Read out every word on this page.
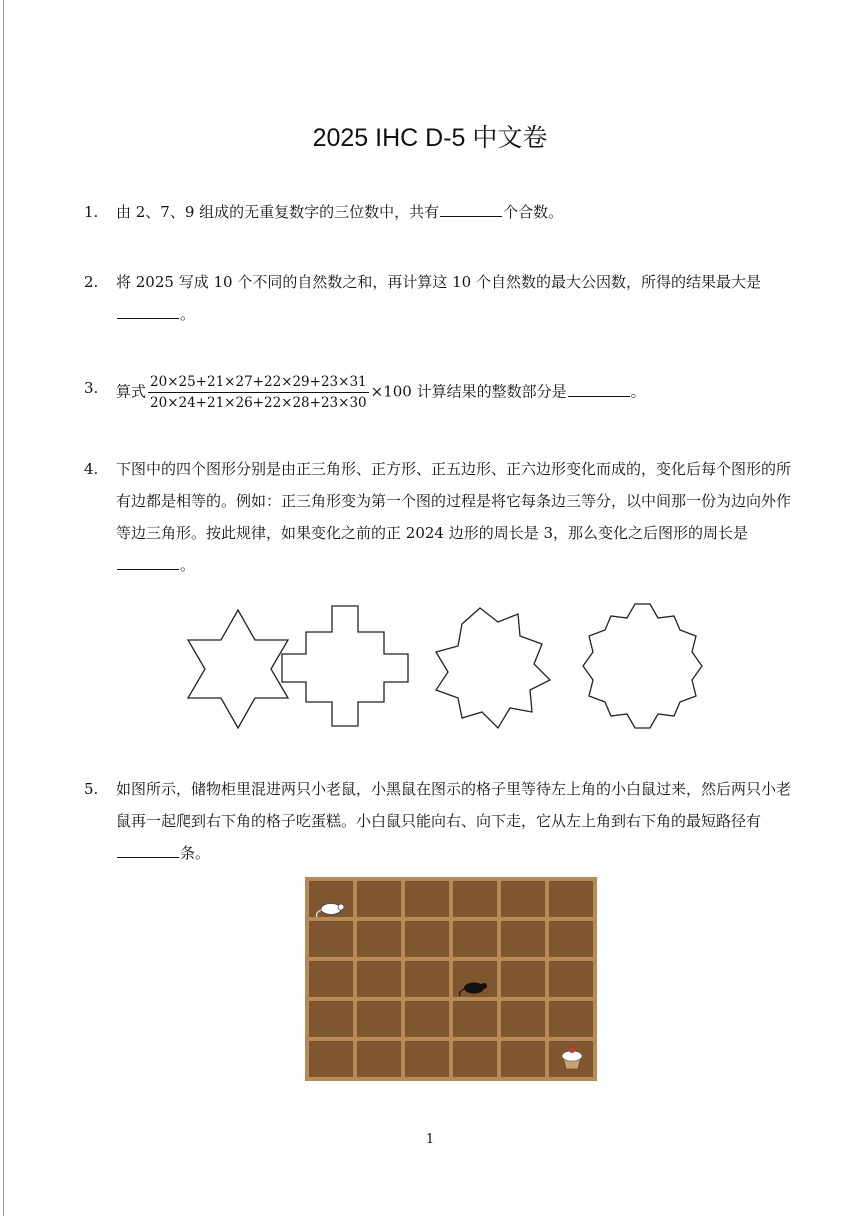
2025 IHC D-5 中文卷
1. 由 2、7、9 组成的无重复数字的三位数中，共有	个合数。
2. 将 2025 写成 10 个不同的自然数之和，再计算这 10 个自然数的最大公因数，所得的结果最大是。
3. 算式 $\frac{20\times 25+21\times 27+22\times 29+23\times 31}{20\times 24+21\times 26+22\times 28+23\times 30} \times 100$ 计算结果的整数部分是	。
4. 下图中的四个图形分别是由正三角形、正方形、正五边形、正六边形变化而成的，变化后每个图形的所有边都是相等的。例如：正三角形变为第一个图的过程是将它每条边三等分，以中间那一份为边向外作等边三角形。按此规律，如果变化之前的正 2024 边形的周长是 3，那么变化之后图形的周长是。
5. 如图所示，储物柜里混进两只小老鼠，小黑鼠在图示的格子里等待左上角的小白鼠过来，然后两只小老鼠再一起爬到右下角的格子吃蛋糕。小白鼠只能向右、向下走，它从左上角到右下角的最短路径有条。
1
